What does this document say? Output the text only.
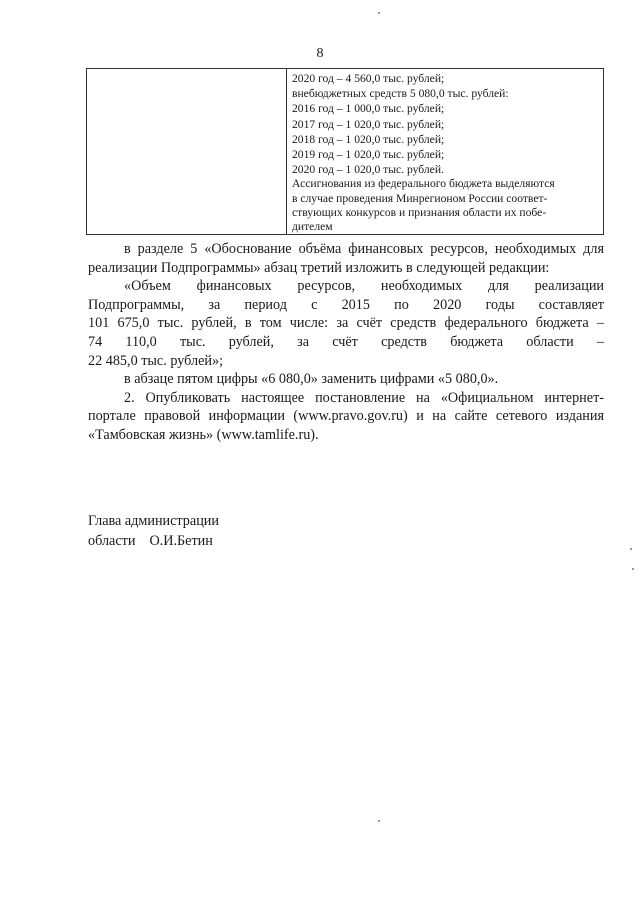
8

2020 год – 4 560,0 тыс. рублей;
внебюджетных средств 5 080,0 тыс. рублей:
2016 год – 1 000,0 тыс. рублей;
2017 год – 1 020,0 тыс. рублей;
2018 год – 1 020,0 тыс. рублей;
2019 год – 1 020,0 тыс. рублей;
2020 год – 1 020,0 тыс. рублей.
Ассигнования из федерального бюджета выделяются
в случае проведения Минрегионом России соответ-
ствующих конкурсов и признания области их побе-
дителем

в разделе 5 «Обоснование объёма финансовых ресурсов, необходимых для реализации Подпрограммы» абзац третий изложить в следующей редакции:

«Объем финансовых ресурсов, необходимых для реализации
Подпрограммы, за период с 2015 по 2020 годы составляет
101 675,0 тыс. рублей, в том числе: за счёт средств федерального бюджета –
74 110,0 тыс. рублей, за счёт средств бюджета области –
22 485,0 тыс. рублей»;

в абзаце пятом цифры «6 080,0» заменить цифрами «5 080,0».

2. Опубликовать настоящее постановление на «Официальном интернет-портале правовой информации (www.pravo.gov.ru) и на сайте сетевого издания «Тамбовская жизнь» (www.tamlife.ru).

Глава администрации
области О.И.Бетин
